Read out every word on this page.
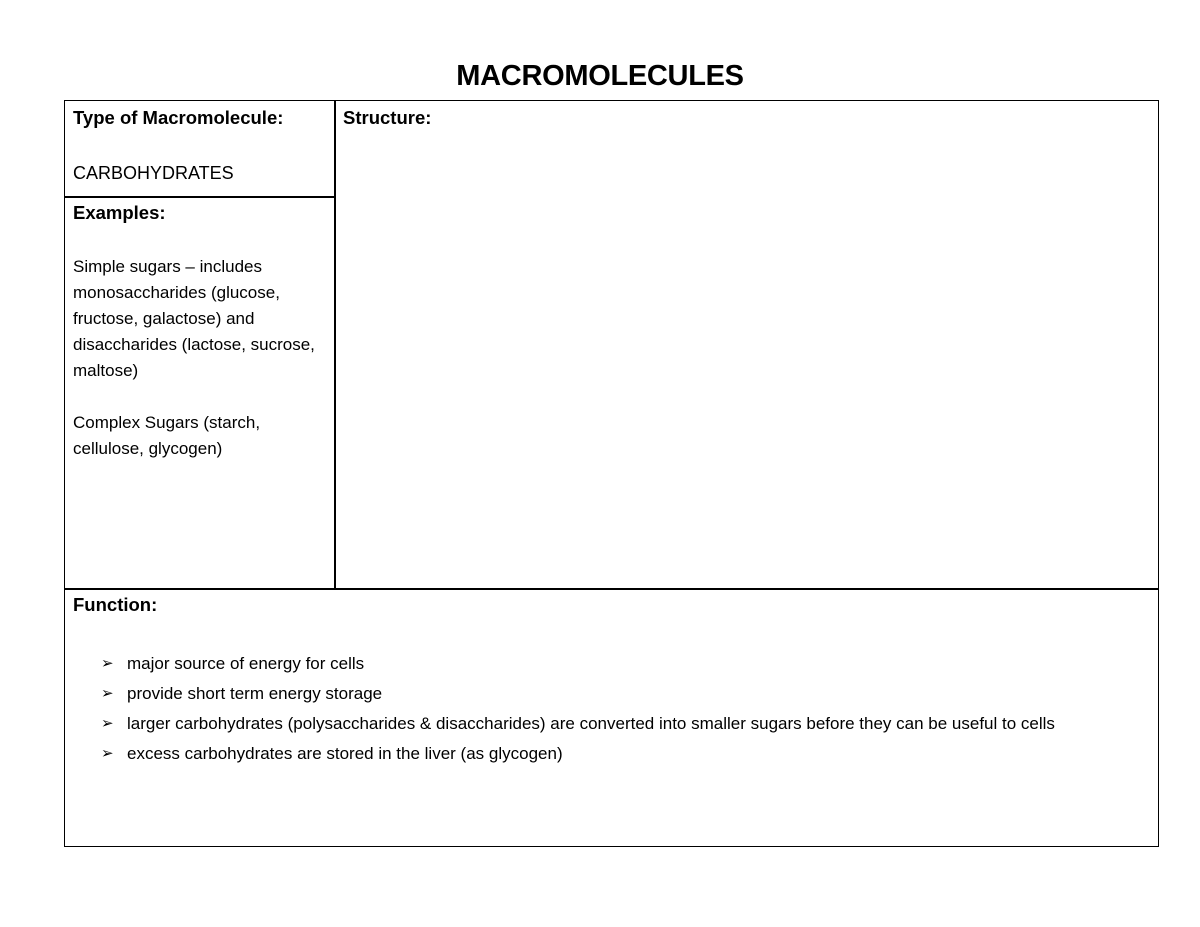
MACROMOLECULES
Type of Macromolecule:
CARBOHYDRATES
Examples:

Simple sugars – includes monosaccharides (glucose, fructose, galactose) and disaccharides (lactose, sucrose, maltose)

Complex Sugars (starch, cellulose, glycogen)

Structure:
Function:
➢ major source of energy for cells
➢ provide short term energy storage
➢ larger carbohydrates (polysaccharides & disaccharides) are converted into smaller sugars before they can be useful to cells
➢ excess carbohydrates are stored in the liver (as glycogen)
